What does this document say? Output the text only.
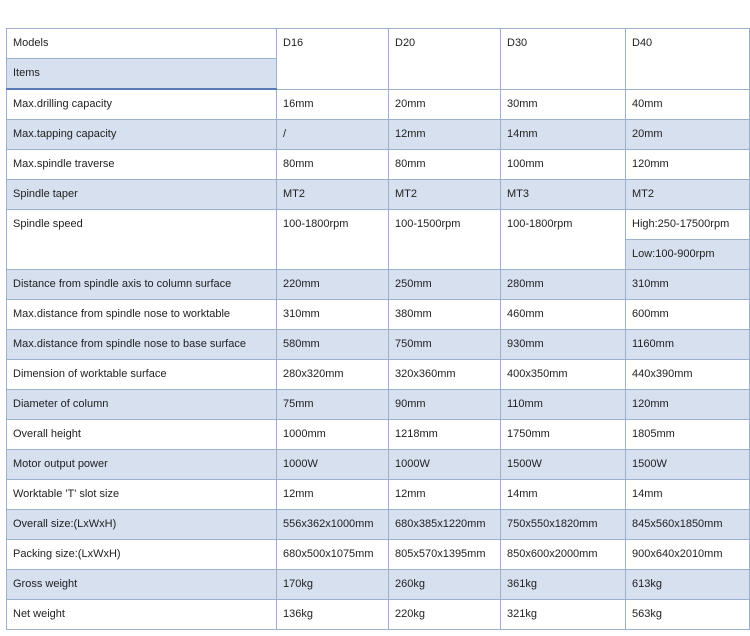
Models	D16	D20	D30	D40
Items				
Max.drilling capacity	16mm	20mm	30mm	40mm
Max.tapping capacity	/	12mm	14mm	20mm
Max.spindle traverse	80mm	80mm	100mm	120mm
Spindle taper	MT2	MT2	MT3	MT2
Spindle speed	100-1800rpm	100-1500rpm	100-1800rpm	High:250-17500rpm
				Low:100-900rpm
Distance from spindle axis to column surface	220mm	250mm	280mm	310mm
Max.distance from spindle nose to worktable	310mm	380mm	460mm	600mm
Max.distance from spindle nose to base surface	580mm	750mm	930mm	1160mm
Dimension of worktable surface	280x320mm	320x360mm	400x350mm	440x390mm
Diameter of column	75mm	90mm	110mm	120mm
Overall height	1000mm	1218mm	1750mm	1805mm
Motor output power	1000W	1000W	1500W	1500W
Worktable 'T' slot size	12mm	12mm	14mm	14mm
Overall size:(LxWxH)	556x362x1000mm	680x385x1220mm	750x550x1820mm	845x560x1850mm
Packing size:(LxWxH)	680x500x1075mm	805x570x1395mm	850x600x2000mm	900x640x2010mm
Gross weight	170kg	260kg	361kg	613kg
Net weight	136kg	220kg	321kg	563kg
